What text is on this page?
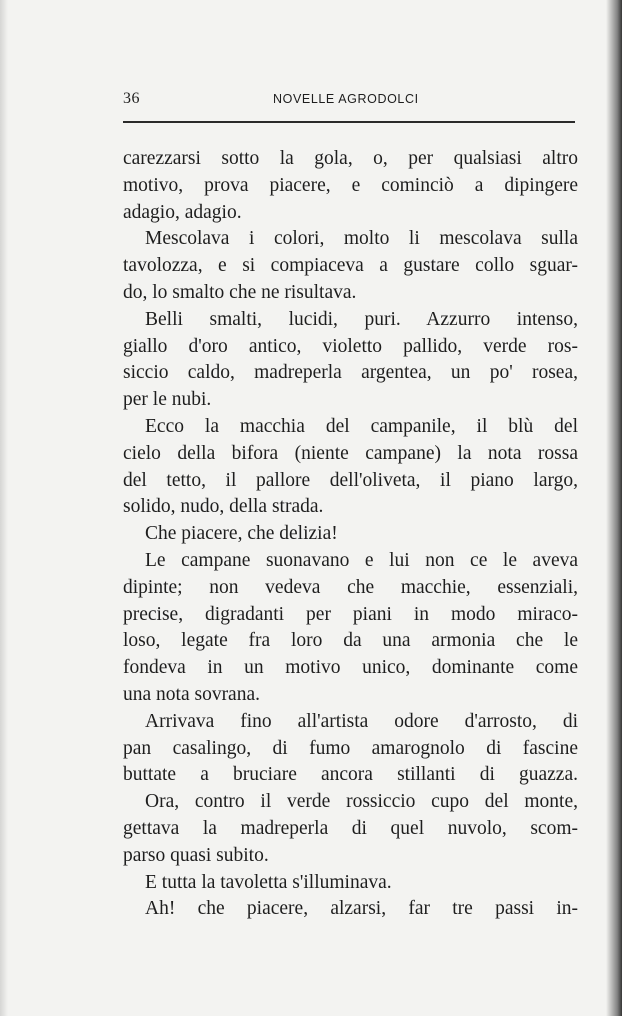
36	NOVELLE AGRODOLCI
carezzarsi sotto la gola, o, per qualsiasi altro
motivo, prova piacere, e cominciò a dipingere
adagio, adagio.
Mescolava i colori, molto li mescolava sulla
tavolozza, e si compiaceva a gustare collo sguar-
do, lo smalto che ne risultava.
Belli smalti, lucidi, puri. Azzurro intenso,
giallo d'oro antico, violetto pallido, verde ros-
siccio caldo, madreperla argentea, un po' rosea,
per le nubi.
Ecco la macchia del campanile, il blù del
cielo della bifora (niente campane) la nota rossa
del tetto, il pallore dell'oliveta, il piano largo,
solido, nudo, della strada.
Che piacere, che delizia!
Le campane suonavano e lui non ce le aveva
dipinte; non vedeva che macchie, essenziali,
precise, digradanti per piani in modo miraco-
loso, legate fra loro da una armonia che le
fondeva in un motivo unico, dominante come
una nota sovrana.
Arrivava fino all'artista odore d'arrosto, di
pan casalingo, di fumo amarognolo di fascine
buttate a bruciare ancora stillanti di guazza.
Ora, contro il verde rossiccio cupo del monte,
gettava la madreperla di quel nuvolo, scom-
parso quasi subito.
E tutta la tavoletta s'illuminava.
Ah! che piacere, alzarsi, far tre passi in-
